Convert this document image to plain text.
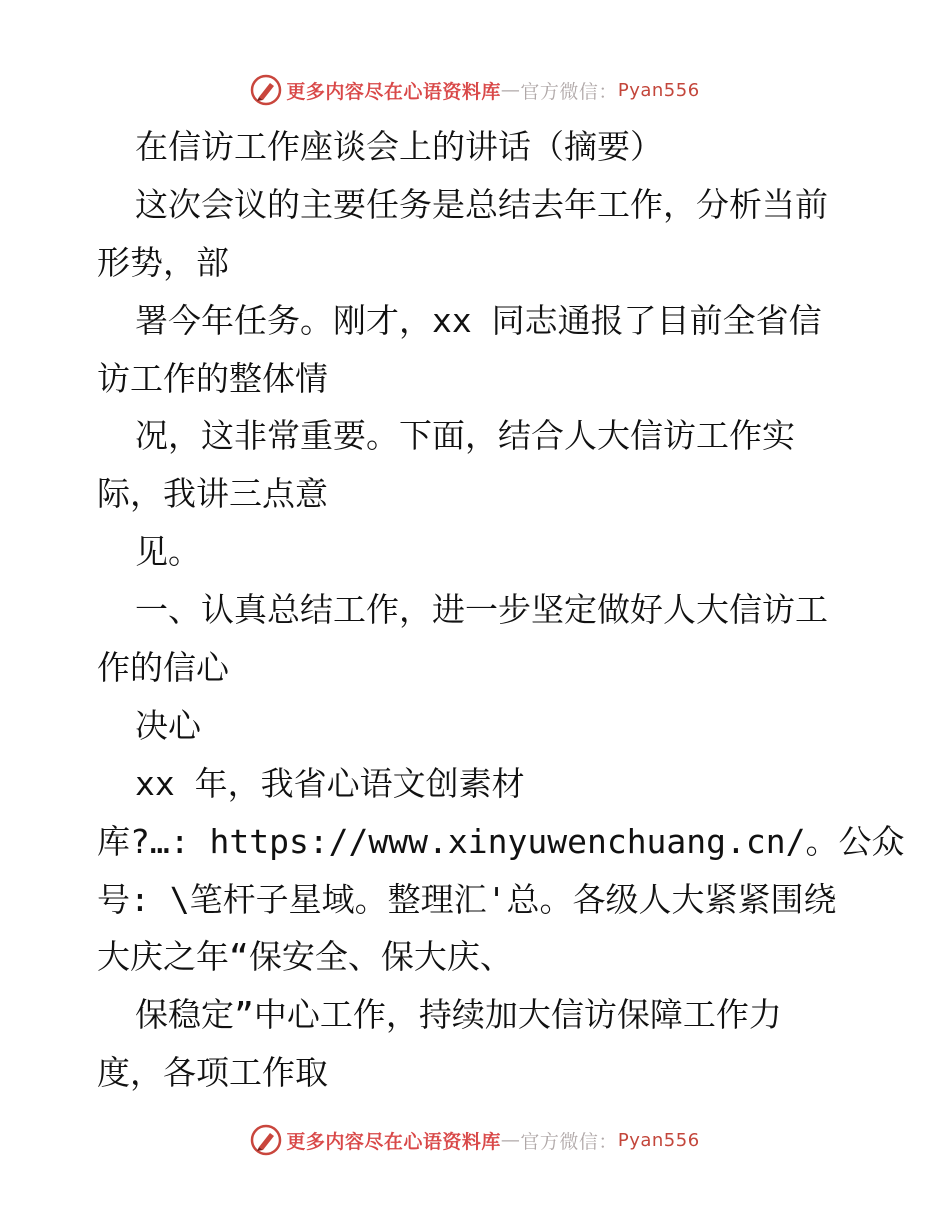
更多内容尽在心语资料库 — 官方微信： Pyan556
在信访工作座谈会上的讲话（摘要）
这次会议的主要任务是总结去年工作，分析当前
形势，部
署今年任务。刚才，xx 同志通报了目前全省信
访工作的整体情
况，这非常重要。下面，结合人大信访工作实
际，我讲三点意
见。
一、认真总结工作，进一步坚定做好人大信访工
作的信心
决心
xx 年，我省心语文创素材
库?…: https://www.xinyuwenchuang.cn/。公众
号: \笔杆子星域。整理汇'总。各级人大紧紧围绕
大庆之年“保安全、保大庆、
保稳定”中心工作，持续加大信访保障工作力
度，各项工作取
更多内容尽在心语资料库 — 官方微信： Pyan556
